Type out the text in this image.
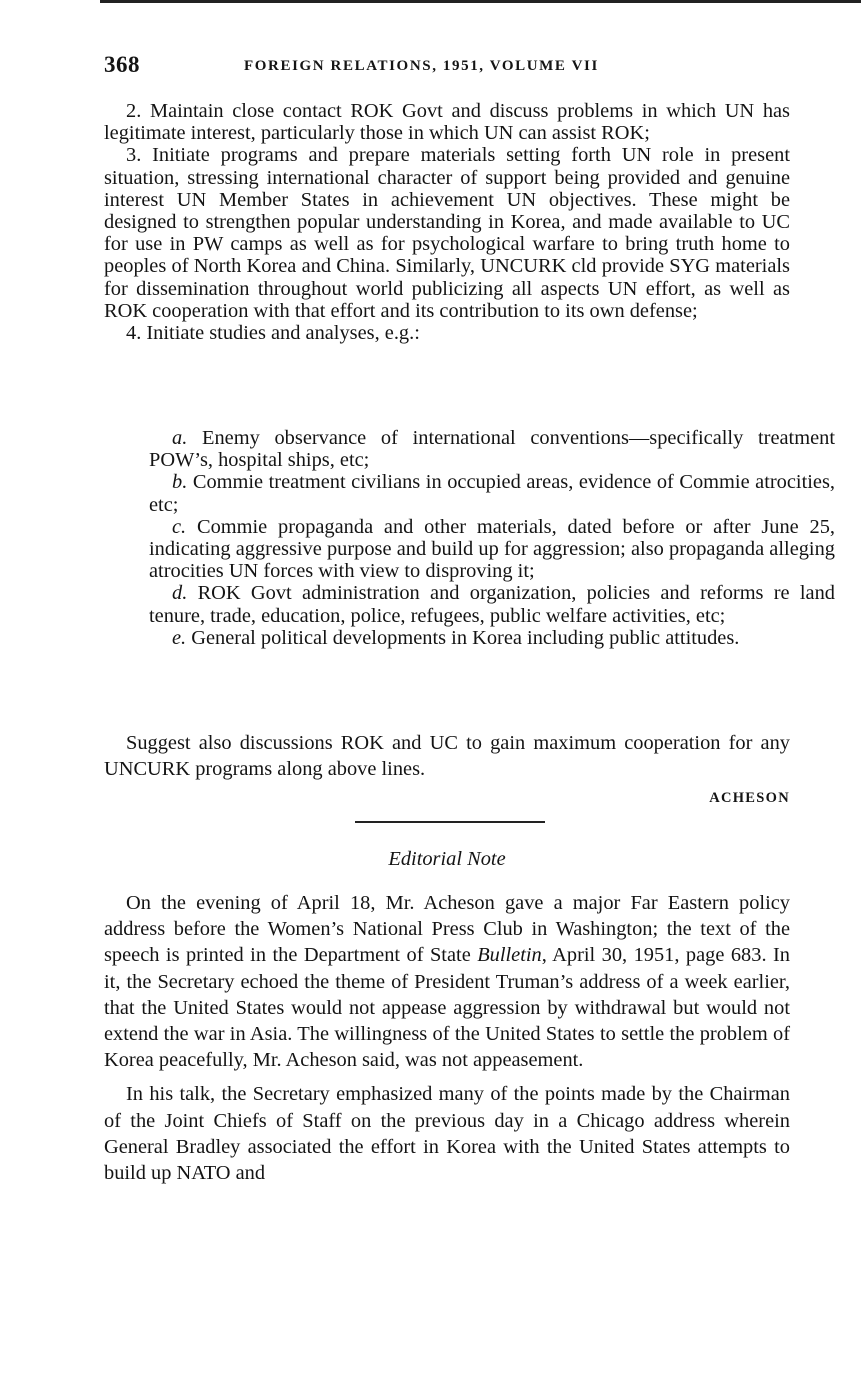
368	FOREIGN RELATIONS, 1951, VOLUME VII

2. Maintain close contact ROK Govt and discuss problems in which UN has legitimate interest, particularly those in which UN can assist ROK;

3. Initiate programs and prepare materials setting forth UN role in present situation, stressing international character of support being provided and genuine interest UN Member States in achievement UN objectives. These might be designed to strengthen popular understanding in Korea, and made available to UC for use in PW camps as well as for psychological warfare to bring truth home to peoples of North Korea and China. Similarly, UNCURK cld provide SYG materials for dissemination throughout world publicizing all aspects UN effort, as well as ROK cooperation with that effort and its contribution to its own defense;

4. Initiate studies and analyses, e.g.:

a. Enemy observance of international conventions—specifically treatment POW’s, hospital ships, etc;

b. Commie treatment civilians in occupied areas, evidence of Commie atrocities, etc;

c. Commie propaganda and other materials, dated before or after June 25, indicating aggressive purpose and build up for aggression; also propaganda alleging atrocities UN forces with view to disproving it;

d. ROK Govt administration and organization, policies and reforms re land tenure, trade, education, police, refugees, public welfare activities, etc;

e. General political developments in Korea including public attitudes.

Suggest also discussions ROK and UC to gain maximum cooperation for any UNCURK programs along above lines.

ACHESON
Editorial Note

On the evening of April 18, Mr. Acheson gave a major Far Eastern policy address before the Women’s National Press Club in Washington; the text of the speech is printed in the Department of State Bulletin, April 30, 1951, page 683. In it, the Secretary echoed the theme of President Truman’s address of a week earlier, that the United States would not appease aggression by withdrawal but would not extend the war in Asia. The willingness of the United States to settle the problem of Korea peacefully, Mr. Acheson said, was not appeasement.

In his talk, the Secretary emphasized many of the points made by the Chairman of the Joint Chiefs of Staff on the previous day in a Chicago address wherein General Bradley associated the effort in Korea with the United States attempts to build up NATO and
